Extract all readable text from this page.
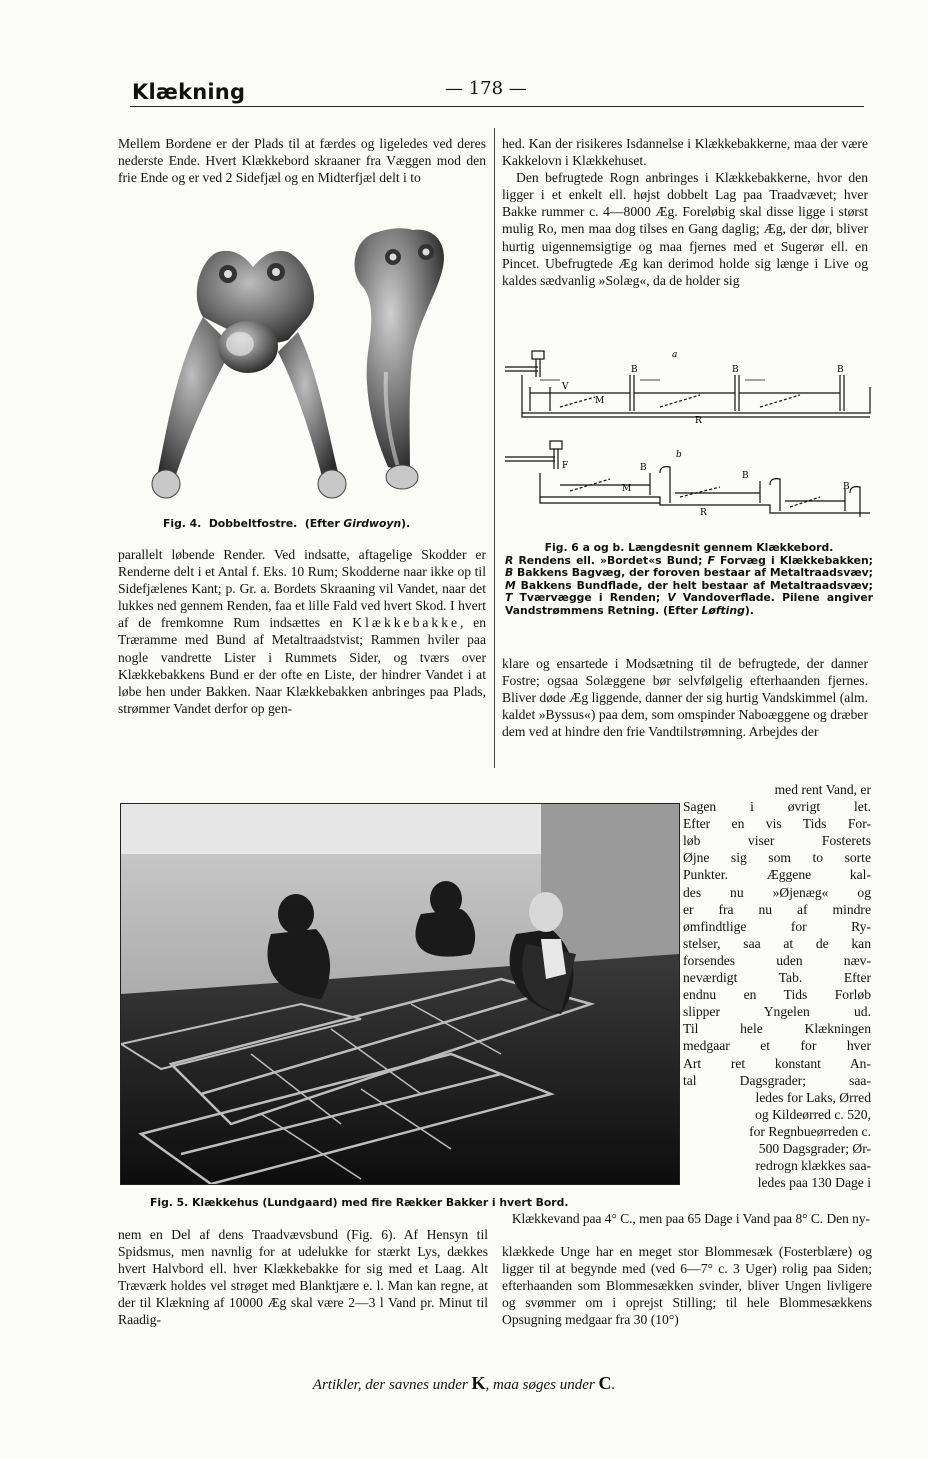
Klækning	— 178 —

Mellem Bordene er der Plads til at færdes og ligeledes ved deres nederste Ende. Hvert Klækkebord skraaner fra Væggen mod den frie Ende og er ved 2 Sidefjæl og en Midterfjæl delt i to

Fig. 4. Dobbeltfostre. (Efter Girdwoyn).

parallelt løbende Render. Ved indsatte, aftagelige Skodder er Renderne delt i et Antal f. Eks. 10 Rum; Skodderne naar ikke op til Sidefjælenes Kant; p. Gr. a. Bordets Skraaning vil Vandet, naar det lukkes ned gennem Renden, faa et lille Fald ved hvert Skod. I hvert af de fremkomne Rum indsættes en Klækkebakke, en Træramme med Bund af Metaltraadstvist; Rammen hviler paa nogle vandrette Lister i Rummets Sider, og tværs over Klækkebakkens Bund er der ofte en Liste, der hindrer Vandet i at løbe hen under Bakken. Naar Klækkebakken anbringes paa Plads, strømmer Vandet derfor op gen-

hed. Kan der risikeres Isdannelse i Klækkebakkerne, maa der være Kakkelovn i Klækkehuset.

Den befrugtede Rogn anbringes i Klækkebakkerne, hvor den ligger i et enkelt ell. højst dobbelt Lag paa Traadvævet; hver Bakke rummer c. 4—8000 Æg. Foreløbig skal disse ligge i størst mulig Ro, men maa dog tilses en Gang daglig; Æg, der dør, bliver hurtig uigennemsigtige og maa fjernes med et Sugerør ell. en Pincet. Ubefrugtede Æg kan derimod holde sig længe i Live og kaldes sædvanlig »Solæg«, da de holder sig

a
B	B	B
M
R
V
b
B
B
B
M
F
R
Fig. 6 a og b. Længdesnit gennem Klækkebord.
R Rendens ell. »Bordet«s Bund; F Forvæg i Klækkebakken; B Bakkens Bagvæg, der foroven bestaar af Metaltraadsvæv; M Bakkens Bundflade, der helt bestaar af Metaltraadsvæv; T Tværvægge i Renden; V Vandoverflade. Pilene angiver Vandstrømmens Retning. (Efter Løfting).

klare og ensartede i Modsætning til de befrugtede, der danner Fostre; ogsaa Solæggene bør selvfølgelig efterhaanden fjernes. Bliver døde Æg liggende, danner der sig hurtig Vandskimmel (alm. kaldet »Byssus«) paa dem, som omspinder Naboæggene og dræber dem ved at hindre den frie Vandtilstrømning. Arbejdes der

Fig. 5. Klækkehus (Lundgaard) med fire Rækker Bakker i hvert Bord.
med rent Vand, er
Sagen i øvrigt let.
Efter en vis Tids For-
løb viser Fosterets
Øjne sig som to sorte
Punkter. Æggene kal-
des nu »Øjenæg« og
er fra nu af mindre
ømfindtlige for Ry-
stelser, saa at de kan
forsendes uden næv-
neværdigt Tab. Efter
endnu en Tids Forløb
slipper Yngelen ud.
Til hele Klækningen
medgaar et for hver
Art ret konstant An-
tal Dagsgrader; saa-
ledes for Laks, Ørred
og Kildeørred c. 520,
for Regnbueørreden c.
500 Dagsgrader; Ør-
redrogn klækkes saa-
ledes paa 130 Dage i
Klækkevand paa 4° C., men paa 65 Dage i Vand paa 8° C. Den ny-

nem en Del af dens Traadvævsbund (Fig. 6). Af Hensyn til Spidsmus, men navnlig for at udelukke for stærkt Lys, dækkes hvert Halvbord ell. hver Klækkebakke for sig med et Laag. Alt Træværk holdes vel strøget med Blanktjære e. l. Man kan regne, at der til Klækning af 10000 Æg skal være 2—3 l Vand pr. Minut til Raadig-

klækkede Unge har en meget stor Blommesæk (Fosterblære) og ligger til at begynde med (ved 6—7° c. 3 Uger) rolig paa Siden; efterhaanden som Blommesækken svinder, bliver Ungen livligere og svømmer om i oprejst Stilling; til hele Blommesækkens Opsugning medgaar fra 30 (10°)

Artikler, der savnes under K, maa søges under C.
